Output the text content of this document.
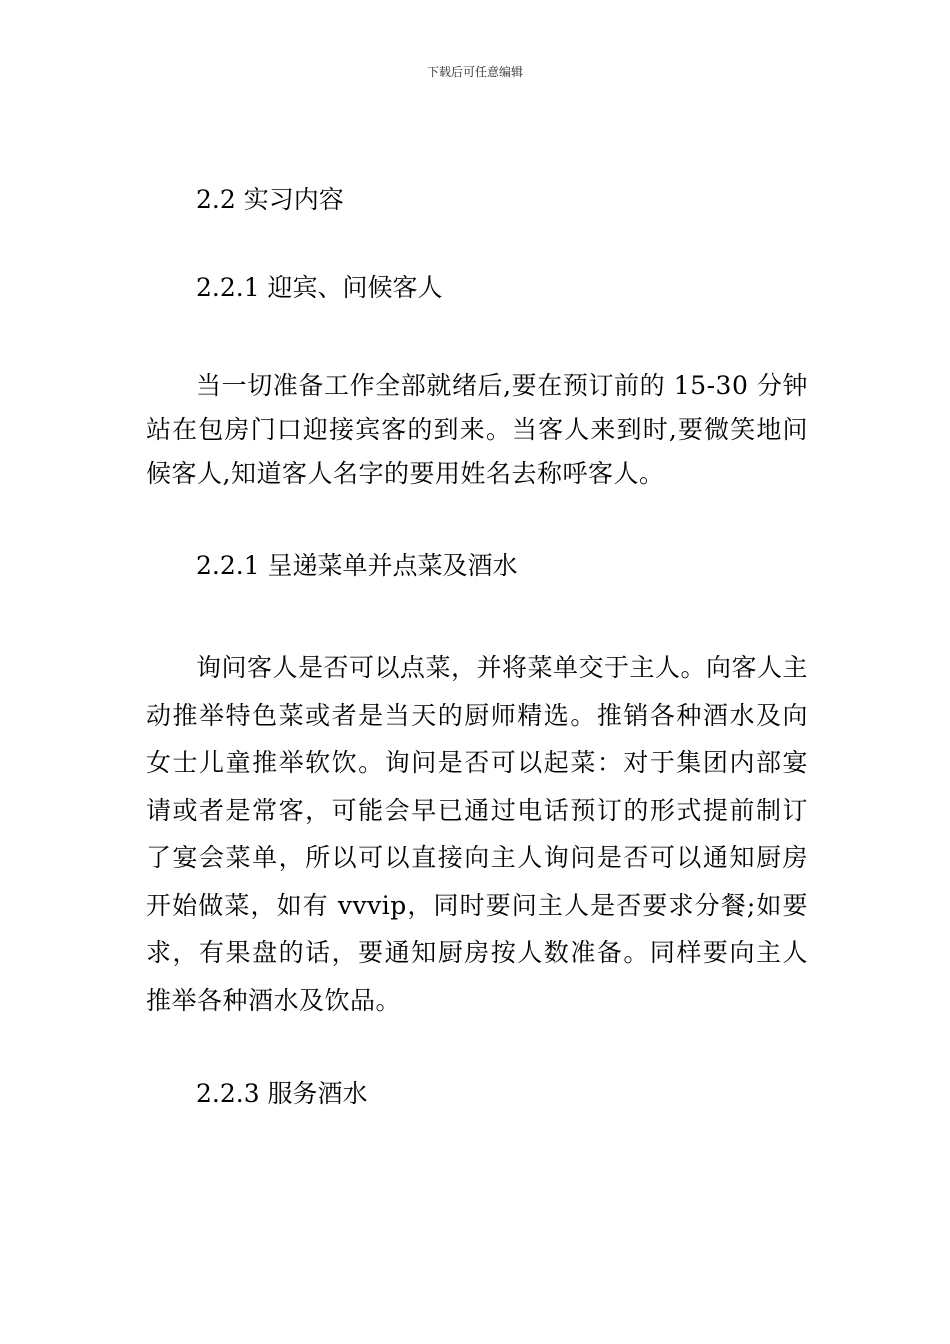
下载后可任意编辑

2.2 实习内容

2.2.1 迎宾、问候客人

当一切准备工作全部就绪后,要在预订前的 15-30 分钟站在包房门口迎接宾客的到来。当客人来到时,要微笑地问候客人,知道客人名字的要用姓名去称呼客人。

2.2.1 呈递菜单并点菜及酒水

询问客人是否可以点菜，并将菜单交于主人。向客人主动推举特色菜或者是当天的厨师精选。推销各种酒水及向女士儿童推举软饮。询问是否可以起菜：对于集团内部宴请或者是常客，可能会早已通过电话预订的形式提前制订了宴会菜单，所以可以直接向主人询问是否可以通知厨房开始做菜，如有 vvvip，同时要问主人是否要求分餐;如要求，有果盘的话，要通知厨房按人数准备。同样要向主人推举各种酒水及饮品。

2.2.3 服务酒水
